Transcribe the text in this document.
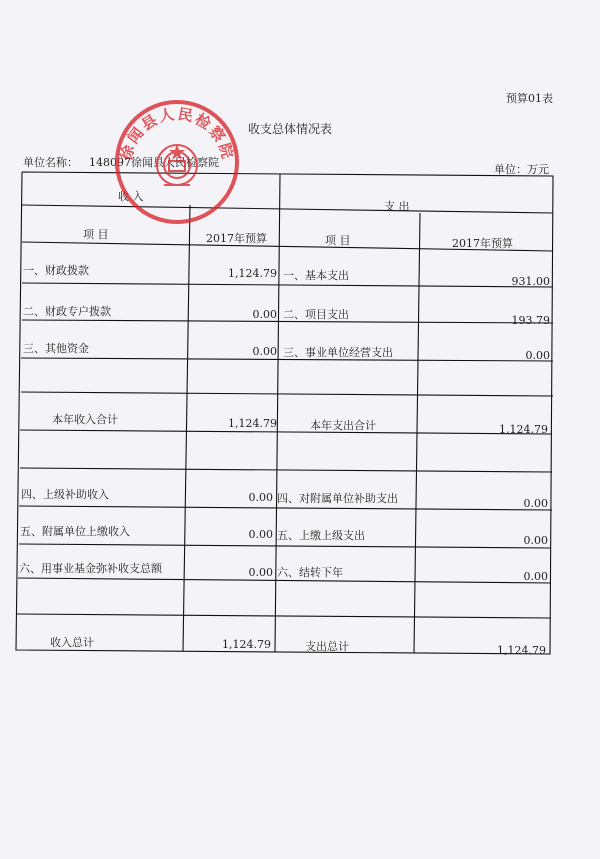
预算01表
收支总体情况表
单位名称： 148097徐闻县人民检察院
单位：万元
收 入
支 出
项 目	2017年预算	项 目	2017年预算
一、财政拨款	1,124.79 一、基本支出	931.00
二、财政专户拨款	0.00 二、项目支出	193.79
三、其他资金	0.00 三、事业单位经营支出	0.00
本年收入合计	1,124.79	本年支出合计	1,124.79
四、上级补助收入	0.00 四、对附属单位补助支出	0.00
五、附属单位上缴收入	0.00 五、上缴上级支出	0.00
六、用事业基金弥补收支总额	0.00 六、结转下年	0.00
收入总计	1,124.79	支出总计	1,124.79
徐闻县人民检察院
